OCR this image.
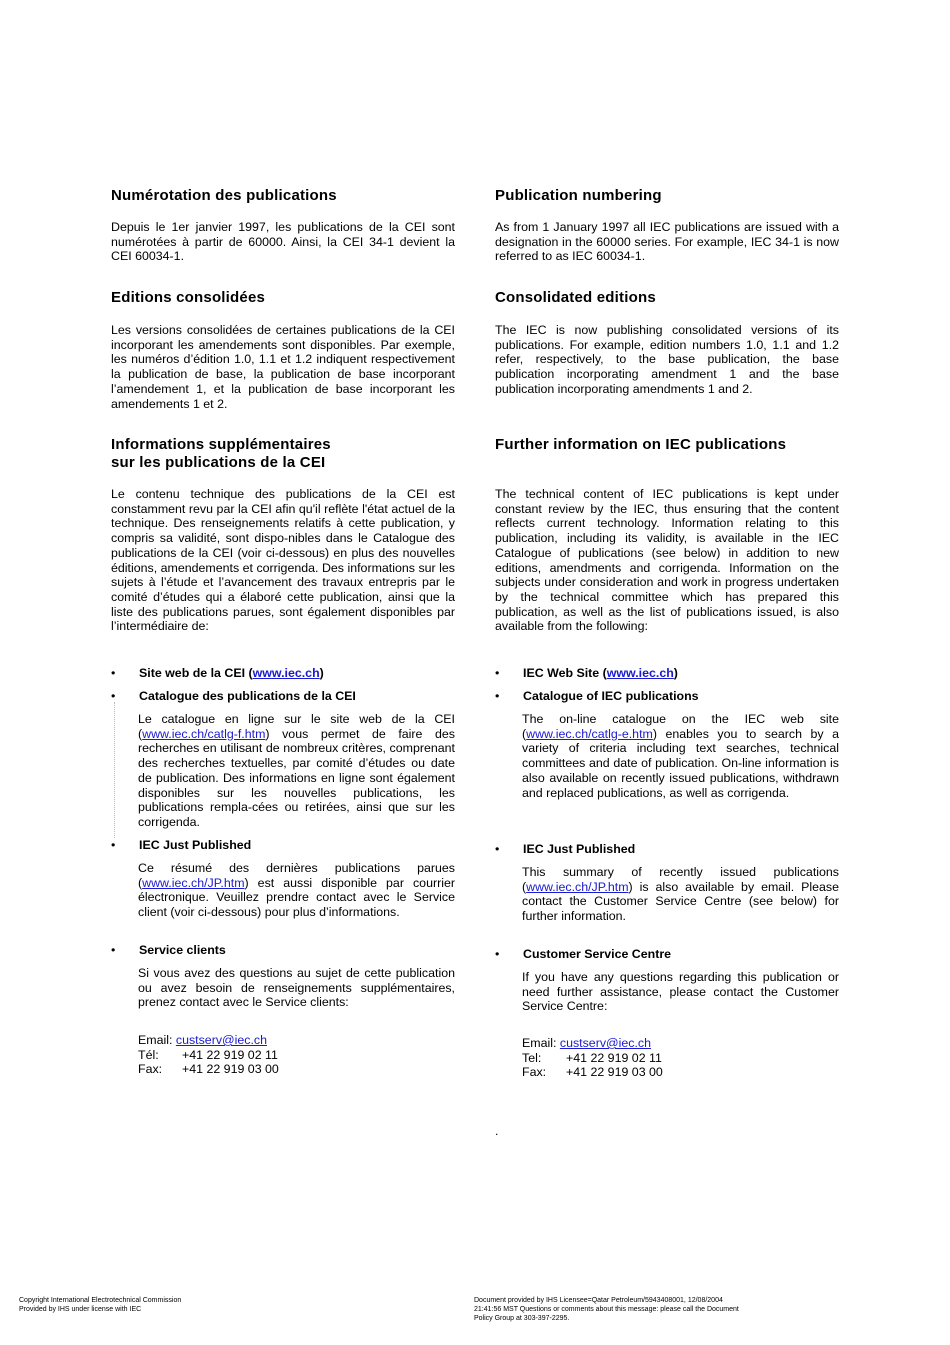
Numérotation des publications

Depuis le 1er janvier 1997, les publications de la CEI sont numérotées à partir de 60000. Ainsi, la CEI 34-1 devient la CEI 60034-1.

Editions consolidées

Les versions consolidées de certaines publications de la CEI incorporant les amendements sont disponibles. Par exemple, les numéros d’édition 1.0, 1.1 et 1.2 indiquent respectivement la publication de base, la publication de base incorporant l’amendement 1, et la publication de base incorporant les amendements 1 et 2.

Informations supplémentaires
sur les publications de la CEI

Le contenu technique des publications de la CEI est constamment revu par la CEI afin qu'il reflète l'état actuel de la technique. Des renseignements relatifs à cette publication, y compris sa validité, sont dispo-nibles dans le Catalogue des publications de la CEI (voir ci-dessous) en plus des nouvelles éditions, amendements et corrigenda. Des informations sur les sujets à l’étude et l’avancement des travaux entrepris par le comité d’études qui a élaboré cette publication, ainsi que la liste des publications parues, sont également disponibles par l’intermédiaire de:

• Site web de la CEI (www.iec.ch)
• Catalogue des publications de la CEI

Le catalogue en ligne sur le site web de la CEI (www.iec.ch/catlg-f.htm) vous permet de faire des recherches en utilisant de nombreux critères, comprenant des recherches textuelles, par comité d’études ou date de publication. Des informations en ligne sont également disponibles sur les nouvelles publications, les publications rempla-cées ou retirées, ainsi que sur les corrigenda.

• IEC Just Published

Ce résumé des dernières publications parues (www.iec.ch/JP.htm) est aussi disponible par courrier électronique. Veuillez prendre contact avec le Service client (voir ci-dessous) pour plus d’informations.

• Service clients

Si vous avez des questions au sujet de cette publication ou avez besoin de renseignements supplémentaires, prenez contact avec le Service clients:

Email: custserv@iec.ch
Tél: +41 22 919 02 11
Fax: +41 22 919 03 00
Publication numbering

As from 1 January 1997 all IEC publications are issued with a designation in the 60000 series. For example, IEC 34-1 is now referred to as IEC 60034-1.

Consolidated editions

The IEC is now publishing consolidated versions of its publications. For example, edition numbers 1.0, 1.1 and 1.2 refer, respectively, to the base publication, the base publication incorporating amendment 1 and the base publication incorporating amendments 1 and 2.

Further information on IEC publications

The technical content of IEC publications is kept under constant review by the IEC, thus ensuring that the content reflects current technology. Information relating to this publication, including its validity, is available in the IEC Catalogue of publications (see below) in addition to new editions, amendments and corrigenda. Information on the subjects under consideration and work in progress undertaken by the technical committee which has prepared this publication, as well as the list of publications issued, is also available from the following:

• IEC Web Site (www.iec.ch)
• Catalogue of IEC publications

The on-line catalogue on the IEC web site (www.iec.ch/catlg-e.htm) enables you to search by a variety of criteria including text searches, technical committees and date of publication. On-line information is also available on recently issued publications, withdrawn and replaced publications, as well as corrigenda.

• IEC Just Published

This summary of recently issued publications (www.iec.ch/JP.htm) is also available by email. Please contact the Customer Service Centre (see below) for further information.

• Customer Service Centre

If you have any questions regarding this publication or need further assistance, please contact the Customer Service Centre:

Email: custserv@iec.ch
Tel: +41 22 919 02 11
Fax: +41 22 919 03 00
.
Copyright International Electrotechnical Commission
Provided by IHS under license with IEC
Document provided by IHS Licensee=Qatar Petroleum/5943408001, 12/08/2004
21:41:56 MST Questions or comments about this message: please call the Document
Policy Group at 303-397-2295.
